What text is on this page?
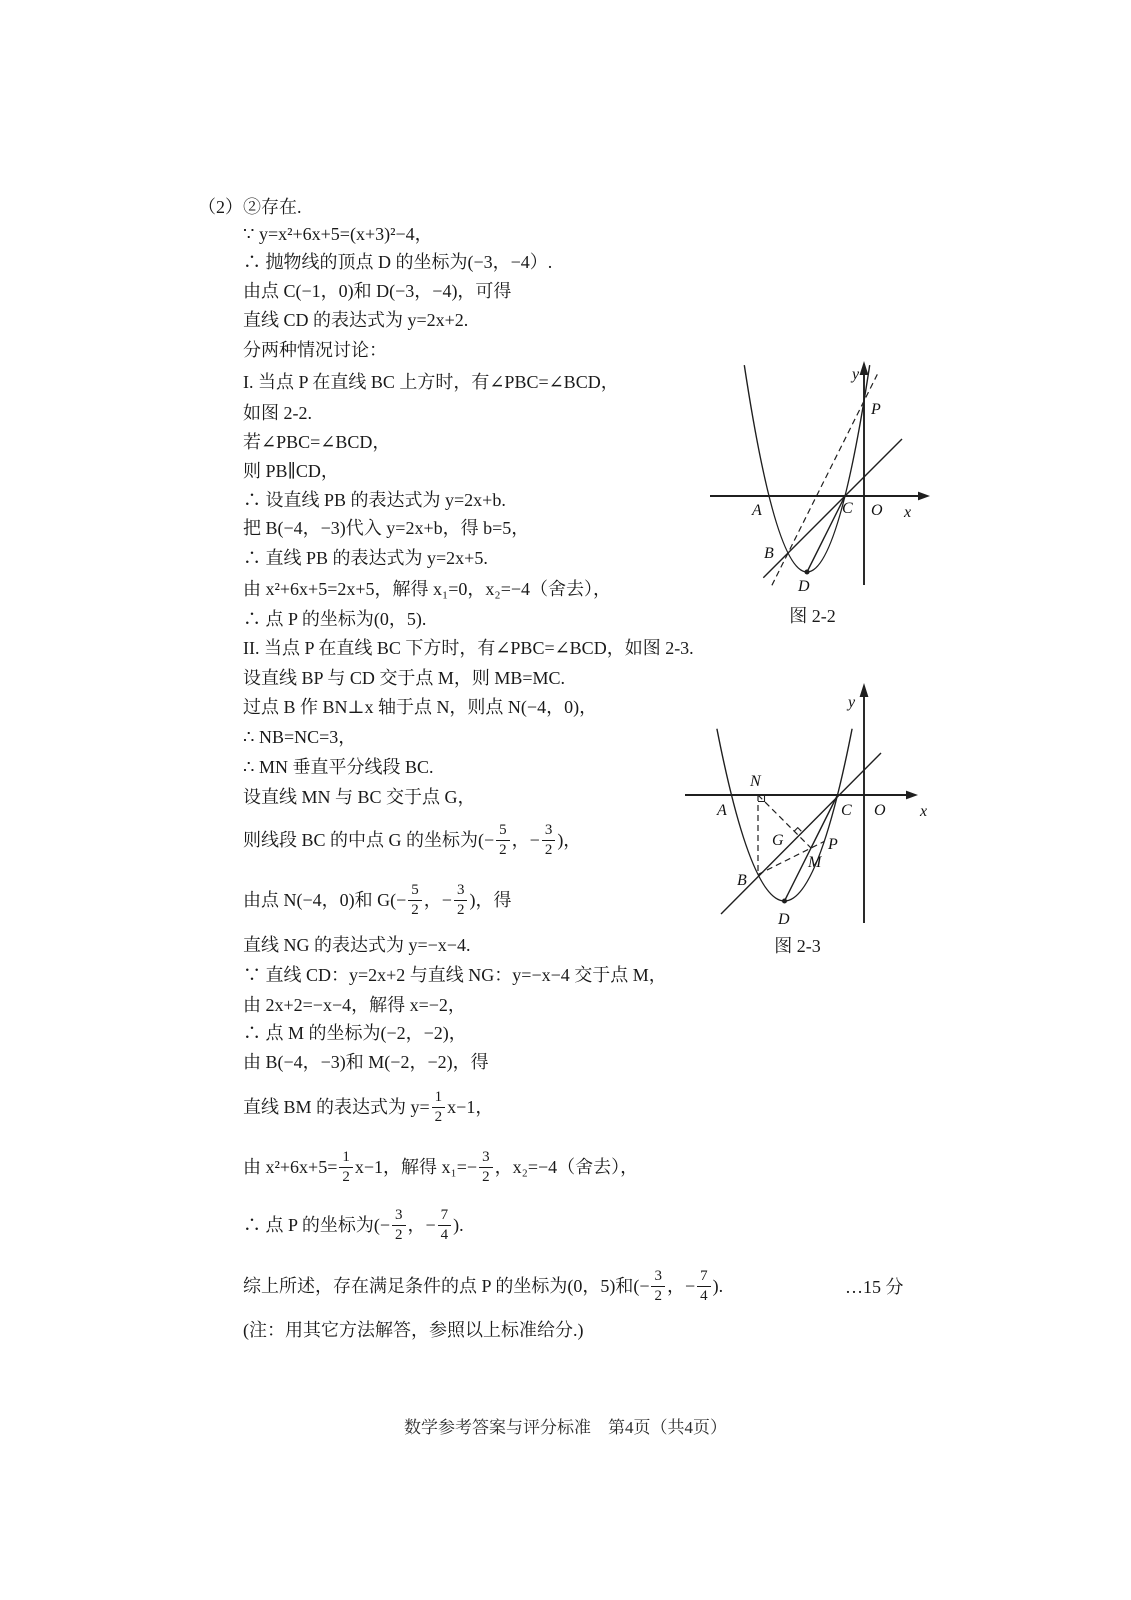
（2）②存在.
∵ y=x²+6x+5=(x+3)²−4，
∴ 抛物线的顶点 D 的坐标为(−3，−4）.
由点 C(−1，0)和 D(−3，−4)，可得
直线 CD 的表达式为 y=2x+2.
分两种情况讨论：
I. 当点 P 在直线 BC 上方时，有∠PBC=∠BCD，
如图 2-2.
若∠PBC=∠BCD，
则 PB∥CD，
∴ 设直线 PB 的表达式为 y=2x+b.
把 B(−4，−3)代入 y=2x+b，得 b=5，
∴ 直线 PB 的表达式为 y=2x+5.
由 x²+6x+5=2x+5，解得 x₁=0，x₂=−4（舍去），
∴ 点 P 的坐标为(0，5).
II. 当点 P 在直线 BC 下方时，有∠PBC=∠BCD，如图 2-3.
设直线 BP 与 CD 交于点 M，则 MB=MC.
过点 B 作 BN⊥x 轴于点 N，则点 N(−4，0)，
∴ NB=NC=3，
∴ MN 垂直平分线段 BC.
设直线 MN 与 BC 交于点 G，
则线段 BC 的中点 G 的坐标为(− $\frac{5}{2}$ ，− $\frac{3}{2}$ )，
由点 N(−4，0)和 $G(- \frac{5}{2}$ ，− $\frac{3}{2}$ )，得
直线 NG 的表达式为 y=−x−4.
∵ 直线 CD：y=2x+2 与直线 NG：y=−x−4 交于点 M，
由 2x+2=−x−4，解得 x=−2，
∴ 点 M 的坐标为(−2，−2)，
由 B(−4，−3)和 M(−2，−2)，得
直线 BM 的表达式为 $y= \frac{1}{2} x-1$，
由 $x^2+6x+5= \frac{1}{2} x-1$，解得 $x_1=- \frac{3}{2}$ ，x₂=−4（舍去），
∴ 点 P 的坐标为(− $\frac{3}{2}$ ，− $\frac{7}{4}$ ).
综上所述，存在满足条件的点 P 的坐标为(0，5)和(− $\frac{3}{2}$ ，− $\frac{7}{4}$ ).	…15 分
(注：用其它方法解答，参照以上标准给分.)
y
x
O
A
B
C
D
P
图 2-2
y
x
O
A
N
B
C
G
M
P
D
图 2-3
数学参考答案与评分标准　第4页（共4页）
